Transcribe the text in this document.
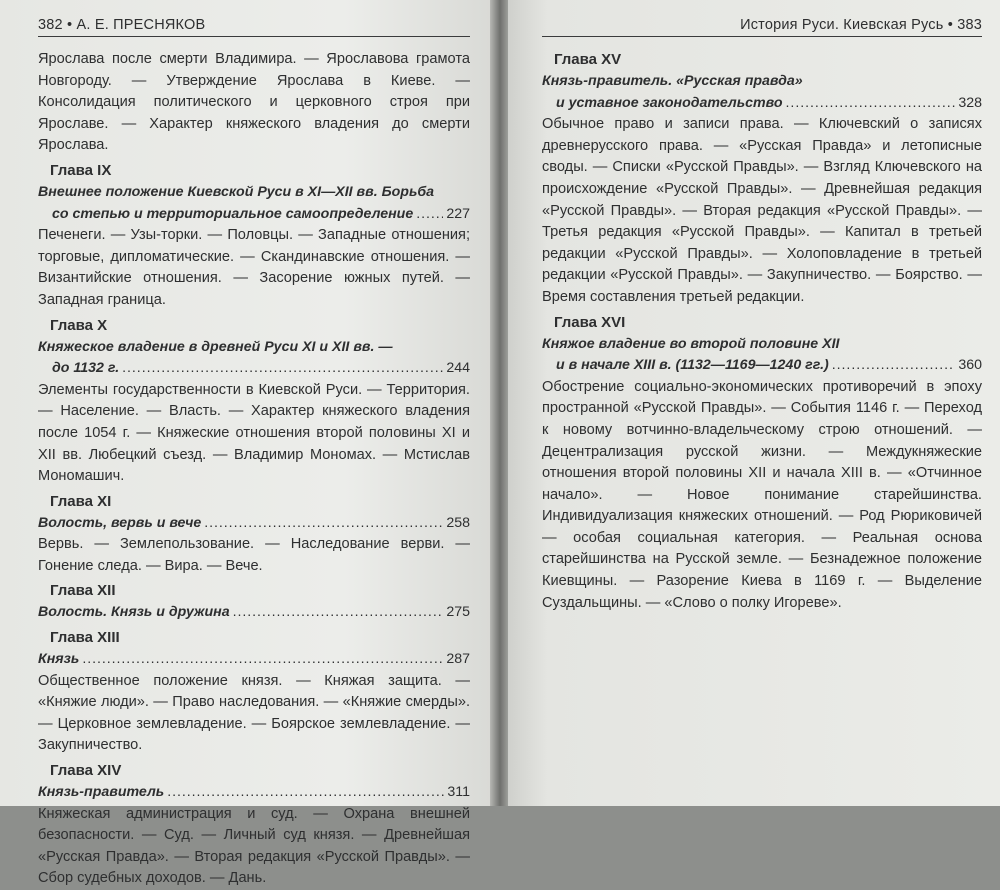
382 • А. Е. ПРЕСНЯКОВ

Ярослава после смерти Владимира. — Ярославова грамота Новгороду. — Утверждение Ярослава в Киеве. — Консолидация политического и церковного строя при Ярославе. — Характер княжеского владения до смерти Ярослава.

Глава IX
Внешнее положение Киевской Руси в XI—XII вв. Борьба
со степью и территориальное самоопределение . . . 227

Печенеги. — Узы-торки. — Половцы. — Западные отношения; торговые, дипломатические. — Скандинавские отношения. — Византийские отношения. — Засорение южных путей. — Западная граница.

Глава X
Княжеское владение в древней Руси XI и XII вв. —
до 1132 г. . . .	244

Элементы государственности в Киевской Руси. — Территория. — Население. — Власть. — Характер княжеского владения после 1054 г. — Княжеские отношения второй половины XI и XII вв. Любецкий съезд. — Владимир Мономах. — Мстислав Мономашич.

Глава XI
Волость, вервь и вече . . .	258

Вервь. — Землепользование. — Наследование верви. — Гонение следа. — Вира. — Вече.

Глава XII
Волость. Князь и дружина . . .	275
Глава XIII
Князь . . .	287

Общественное положение князя. — Княжая защита. — «Княжие люди». — Право наследования. — «Княжие смерды». — Церковное землевладение. — Боярское землевладение. — Закупничество.

Глава XIV
Князь-правитель . . .	311

Княжеская администрация и суд. — Охрана внешней безопасности. — Суд. — Личный суд князя. — Древнейшая «Русская Правда». — Вторая редакция «Русской Правды». — Сбор судебных доходов. — Дань.

История Руси. Киевская Русь • 383
Глава XV
Князь-правитель. «Русская правда»
и уставное законодательство . . .	328

Обычное право и записи права. — Ключевский о записях древнерусского права. — «Русская Правда» и летописные своды. — Списки «Русской Правды». — Взгляд Ключевского на происхождение «Русской Правды». — Древнейшая редакция «Русской Правды». — Вторая редакция «Русской Правды». — Третья редакция «Русской Правды». — Капитал в третьей редакции «Русской Правды». — Холоповладение в третьей редакции «Русской Правды». — Закупничество. — Боярство. — Время составления третьей редакции.

Глава XVI
Княжое владение во второй половине XII
и в начале XIII в. (1132—1169—1240 гг.) . . .	360

Обострение социально-экономических противоречий в эпоху пространной «Русской Правды». — События 1146 г. — Переход к новому вотчинно-владельческому строю отношений. — Децентрализация русской жизни. — Междукняжеские отношения второй половины XII и начала XIII в. — «Отчинное начало». — Новое понимание старейшинства. Индивидуализация княжеских отношений. — Род Рюриковичей — особая социальная категория. — Реальная основа старейшинства на Русской земле. — Безнадежное положение Киевщины. — Разорение Киева в 1169 г. — Выделение Суздальщины. — «Слово о полку Игореве».
